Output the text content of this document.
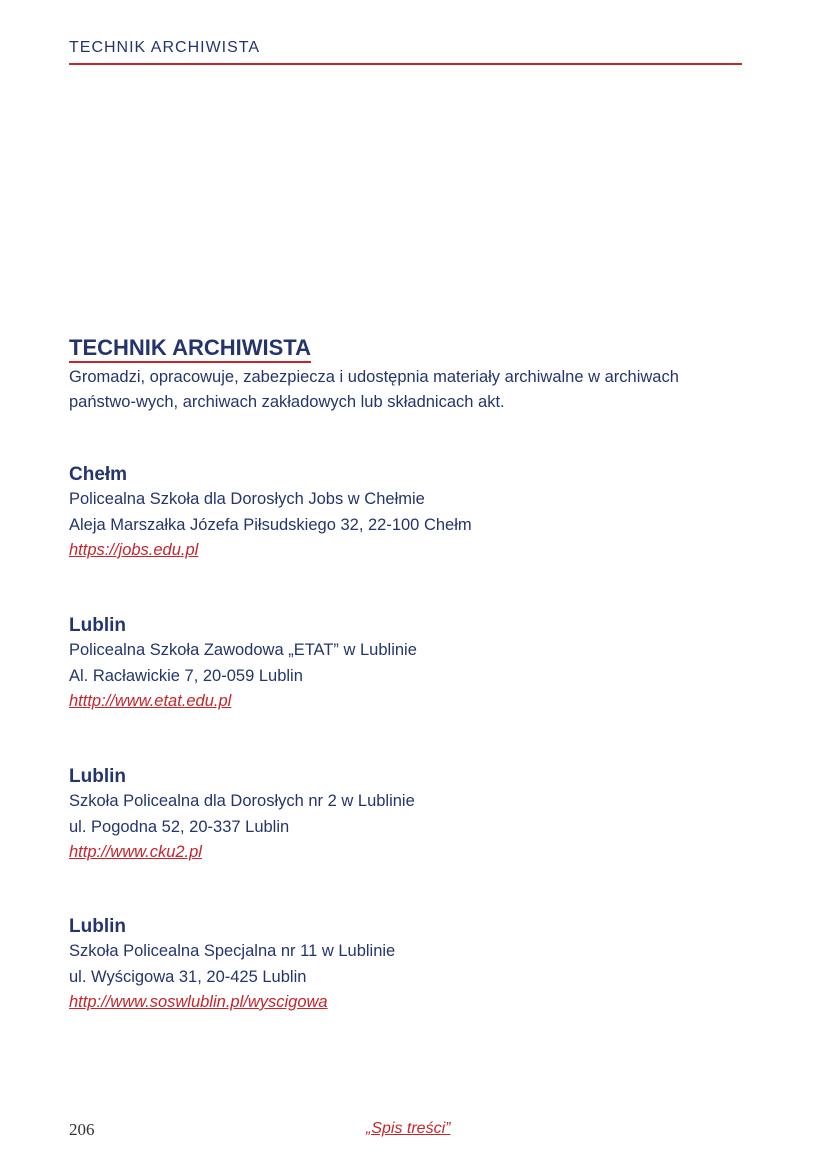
TECHNIK ARCHIWISTA
TECHNIK ARCHIWISTA
Gromadzi, opracowuje, zabezpiecza i udostępnia materiały archiwalne w archiwach państwo-wych, archiwach zakładowych lub składnicach akt.
Chełm
Policealna Szkoła dla Dorosłych Jobs w Chełmie
Aleja Marszałka Józefa Piłsudskiego 32, 22-100 Chełm
https://jobs.edu.pl
Lublin
Policealna Szkoła Zawodowa „ETAT” w Lublinie
Al. Racławickie 7, 20-059 Lublin
htttp://www.etat.edu.pl
Lublin
Szkoła Policealna dla Dorosłych nr 2 w Lublinie
ul. Pogodna 52, 20-337 Lublin
http://www.cku2.pl
Lublin
Szkoła Policealna Specjalna nr 11 w Lublinie
ul. Wyścigowa 31, 20-425 Lublin
http://www.soswlublin.pl/wyscigowa
206	„Spis treści”
